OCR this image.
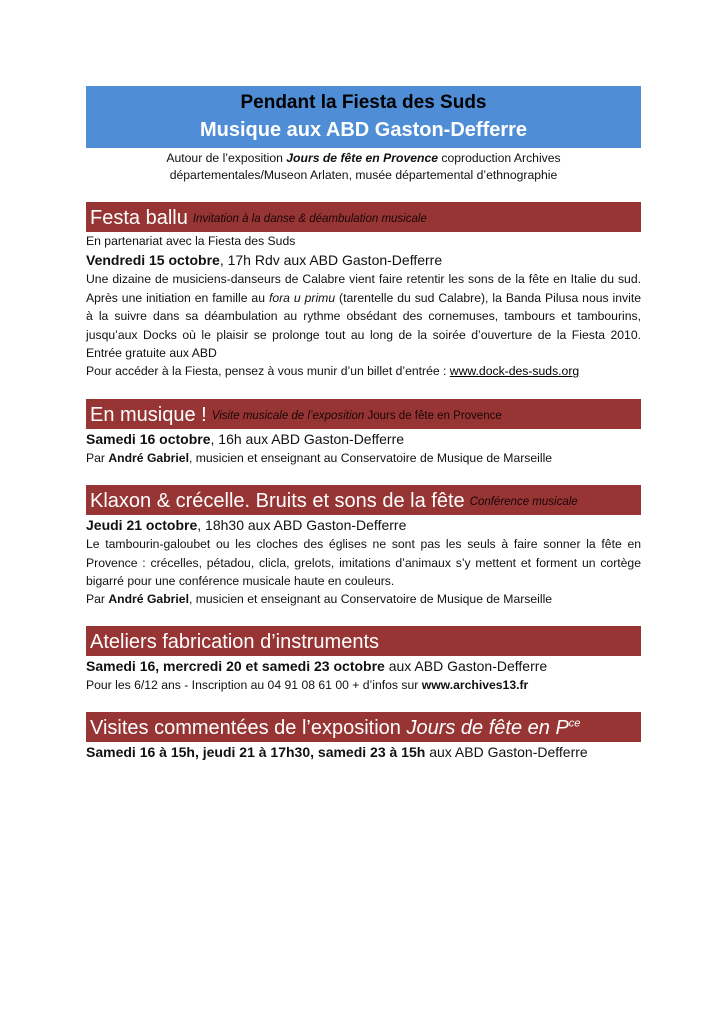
Pendant la Fiesta des Suds
Musique aux ABD Gaston-Defferre
Autour de l’exposition Jours de fête en Provence coproduction Archives
départementales/Museon Arlaten, musée départemental d’ethnographie
Festa ballu Invitation à la danse & déambulation musicale
En partenariat avec la Fiesta des Suds
Vendredi 15 octobre, 17h Rdv aux ABD Gaston-Defferre
Une dizaine de musiciens-danseurs de Calabre vient faire retentir les sons de la fête en Italie du sud. Après une initiation en famille au fora u primu (tarentelle du sud Calabre), la Banda Pilusa nous invite à la suivre dans sa déambulation au rythme obsédant des cornemuses, tambours et tambourins, jusqu’aux Docks où le plaisir se prolonge tout au long de la soirée d’ouverture de la Fiesta 2010. Entrée gratuite aux ABD
Pour accéder à la Fiesta, pensez à vous munir d’un billet d’entrée : www.dock-des-suds.org
En musique ! Visite musicale de l’exposition Jours de fête en Provence
Samedi 16 octobre, 16h aux ABD Gaston-Defferre
Par André Gabriel, musicien et enseignant au Conservatoire de Musique de Marseille
Klaxon & crécelle. Bruits et sons de la fête Conférence musicale
Jeudi 21 octobre, 18h30 aux ABD Gaston-Defferre
Le tambourin-galoubet ou les cloches des églises ne sont pas les seuls à faire sonner la fête en Provence : crécelles, pétadou, clicla, grelots, imitations d’animaux s’y mettent et forment un cortège bigarré pour une conférence musicale haute en couleurs.
Par André Gabriel, musicien et enseignant au Conservatoire de Musique de Marseille
Ateliers fabrication d’instruments
Samedi 16, mercredi 20 et samedi 23 octobre aux ABD Gaston-Defferre
Pour les 6/12 ans - Inscription au 04 91 08 61 00 + d’infos sur www.archives13.fr
Visites commentées de l’exposition Jours de fête en $P^{ce}$
Samedi 16 à 15h, jeudi 21 à 17h30, samedi 23 à 15h aux ABD Gaston-Defferre
